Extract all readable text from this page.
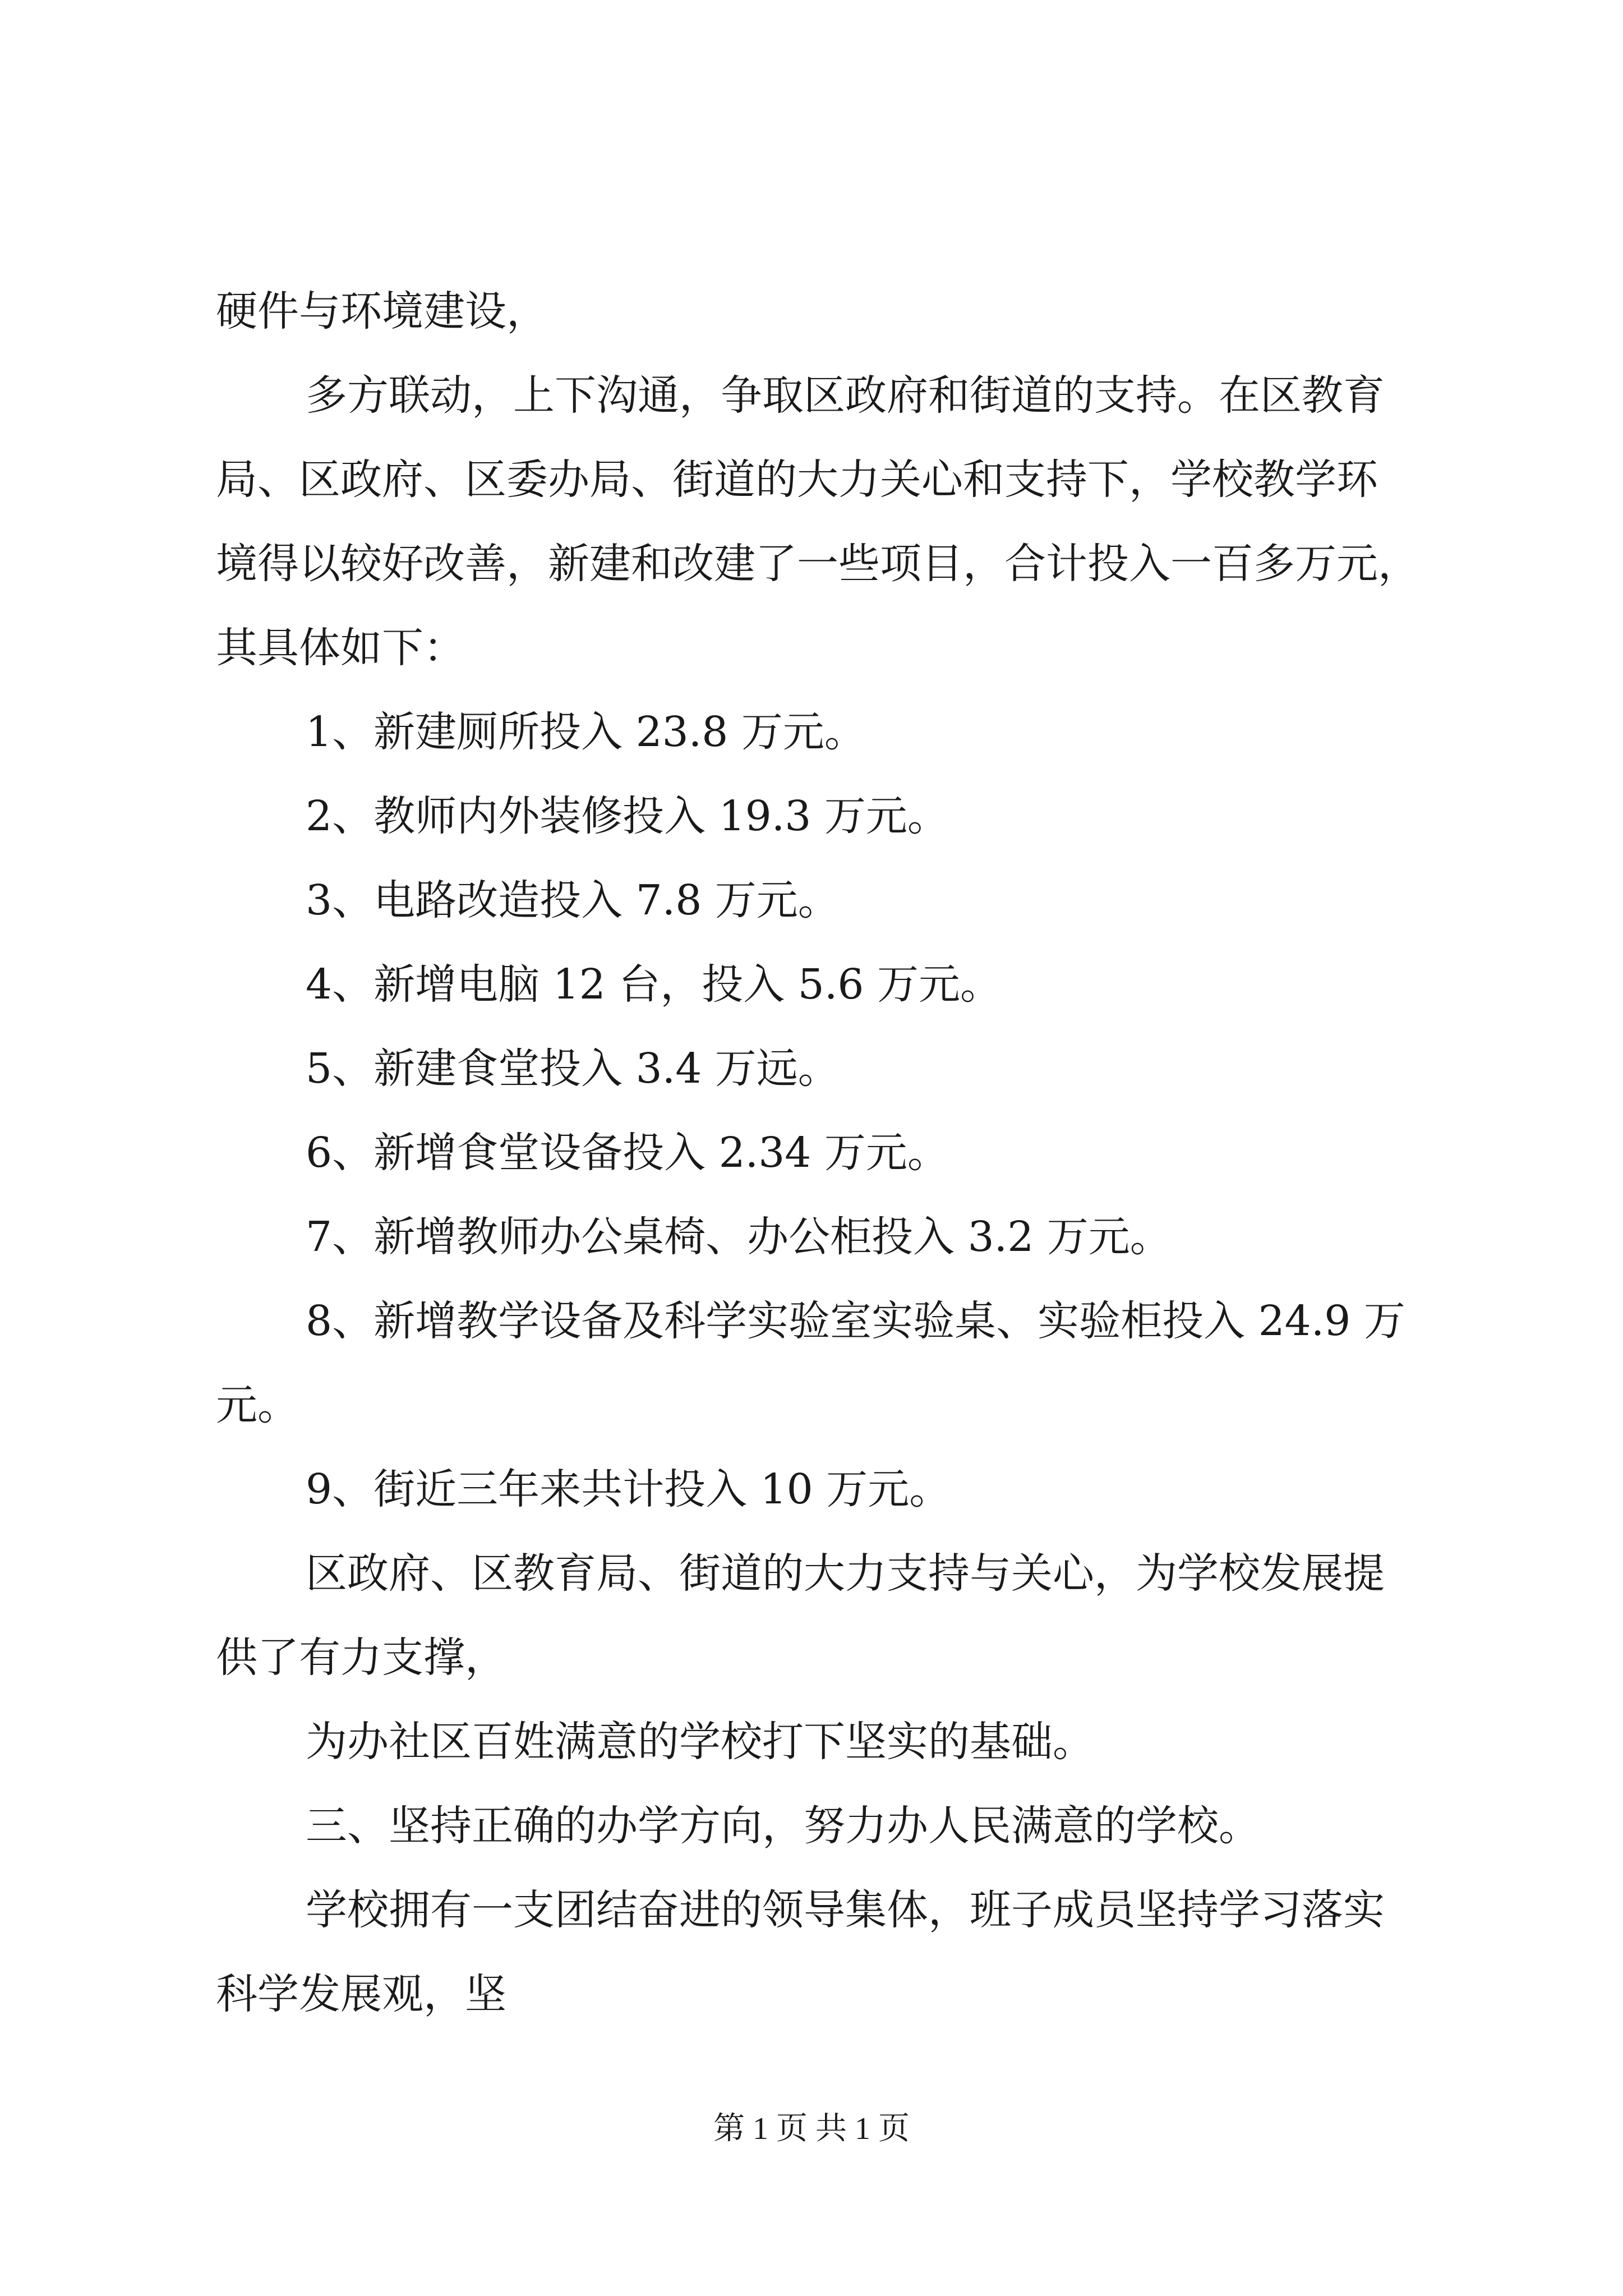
硬件与环境建设，
多方联动，上下沟通，争取区政府和街道的支持。在区教育
局、区政府、区委办局、街道的大力关心和支持下，学校教学环
境得以较好改善，新建和改建了一些项目，合计投入一百多万元，
其具体如下：
1、新建厕所投入 23.8 万元。
2、教师内外装修投入 19.3 万元。
3、电路改造投入 7.8 万元。
4、新增电脑 12 台，投入 5.6 万元。
5、新建食堂投入 3.4 万远。
6、新增食堂设备投入 2.34 万元。
7、新增教师办公桌椅、办公柜投入 3.2 万元。
8、新增教学设备及科学实验室实验桌、实验柜投入 24.9 万
元。
9、街近三年来共计投入 10 万元。
区政府、区教育局、街道的大力支持与关心，为学校发展提
供了有力支撑，
为办社区百姓满意的学校打下坚实的基础。
三、坚持正确的办学方向，努力办人民满意的学校。
学校拥有一支团结奋进的领导集体，班子成员坚持学习落实
科学发展观，坚
第 1 页 共 1 页
